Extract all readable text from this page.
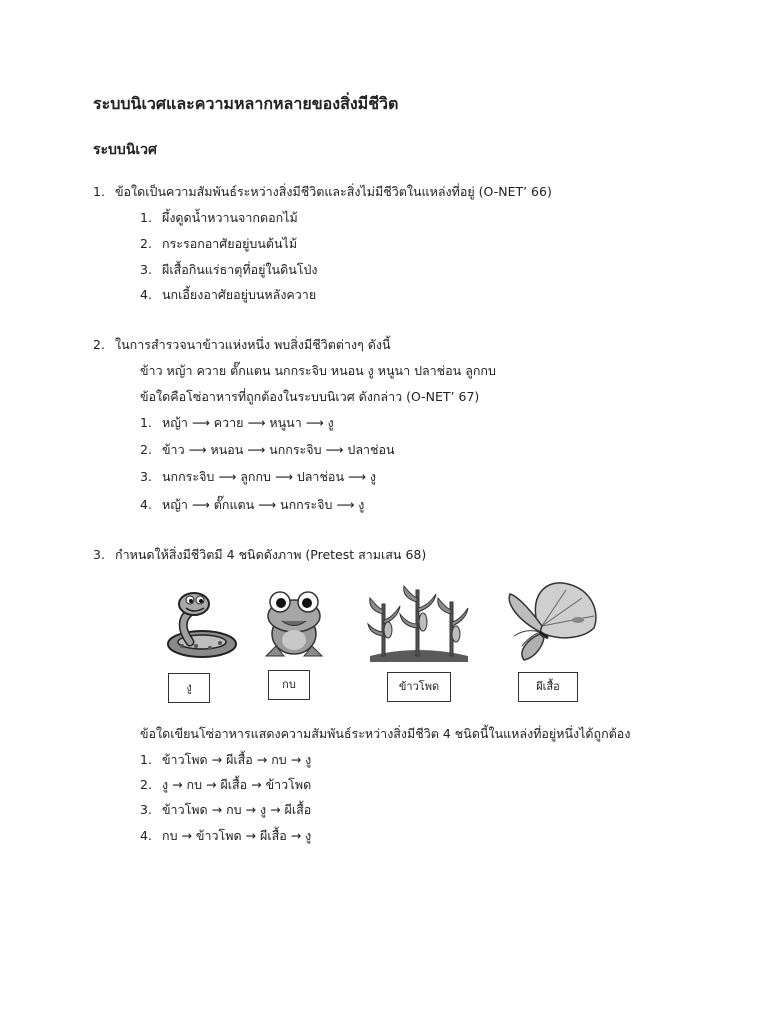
ระบบนิเวศและความหลากหลายของสิ่งมีชีวิต
ระบบนิเวศ
1. ข้อใดเป็นความสัมพันธ์ระหว่างสิ่งมีชีวิตและสิ่งไม่มีชีวิตในแหล่งที่อยู่ (O-NET’ 66)
1. ผึ้งดูดน้ำหวานจากดอกไม้
2. กระรอกอาศัยอยู่บนต้นไม้
3. ผีเสื้อกินแร่ธาตุที่อยู่ในดินโป่ง
4. นกเอี้ยงอาศัยอยู่บนหลังควาย
2. ในการสำรวจนาข้าวแห่งหนึ่ง พบสิ่งมีชีวิตต่างๆ ดังนี้
ข้าว หญ้า ควาย ตั๊กแตน นกกระจิบ หนอน งู หนูนา ปลาช่อน ลูกกบ
ข้อใดคือโซ่อาหารที่ถูกต้องในระบบนิเวศ ดังกล่าว (O-NET’ 67)
1. หญ้า ⟶ ควาย ⟶ หนูนา ⟶ งู
2. ข้าว ⟶ หนอน ⟶ นกกระจิบ ⟶ ปลาช่อน
3. นกกระจิบ ⟶ ลูกกบ ⟶ ปลาช่อน ⟶ งู
4. หญ้า ⟶ ตั๊กแตน ⟶ นกกระจิบ ⟶ งู
3. กำหนดให้สิ่งมีชีวิตมี 4 ชนิดดังภาพ (Pretest สามเสน 68)
งู	กบ	ข้าวโพด	ผีเสื้อ
ข้อใดเขียนโซ่อาหารแสดงความสัมพันธ์ระหว่างสิ่งมีชีวิต 4 ชนิดนี้ในแหล่งที่อยู่หนึ่งได้ถูกต้อง
1. ข้าวโพด → ผีเสื้อ → กบ → งู
2. งู → กบ → ผีเสื้อ → ข้าวโพด
3. ข้าวโพด → กบ → งู → ผีเสื้อ
4. กบ → ข้าวโพด → ผีเสื้อ → งู
